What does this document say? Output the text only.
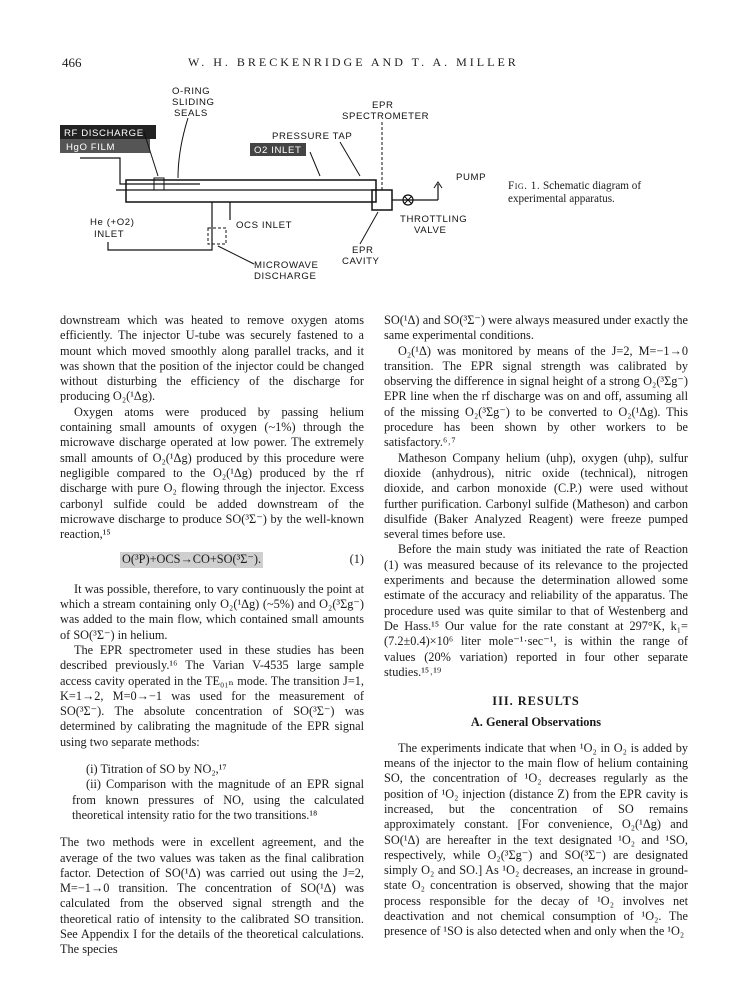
466	W. H. BRECKENRIDGE AND T. A. MILLER
O-RING
SLIDING
SEALS
EPR
SPECTROMETER
RF DISCHARGE
HgO FILM
PRESSURE TAP
O2 INLET
PUMP
THROTTLING
VALVE
He (+O2)
INLET
OCS INLET
MICROWAVE
DISCHARGE
EPR
CAVITY
Fig. 1. Schematic diagram of experimental apparatus.

downstream which was heated to remove oxygen atoms efficiently. The injector U-tube was securely fastened to a mount which moved smoothly along parallel tracks, and it was shown that the position of the injector could be changed without disturbing the efficiency of the discharge for producing O₂(¹Δg).

Oxygen atoms were produced by passing helium containing small amounts of oxygen (~1%) through the microwave discharge operated at low power. The extremely small amounts of O₂(¹Δg) produced by this procedure were negligible compared to the O₂(¹Δg) produced by the rf discharge with pure O₂ flowing through the injector. Excess carbonyl sulfide could be added downstream of the microwave discharge to produce SO(³Σ⁻) by the well-known reaction,¹⁵

O(³P)+OCS→CO+SO(³Σ⁻).	(1)

It was possible, therefore, to vary continuously the point at which a stream containing only O₂(¹Δg) (~5%) and O₂(³Σg⁻) was added to the main flow, which contained small amounts of SO(³Σ⁻) in helium.

The EPR spectrometer used in these studies has been described previously.¹⁶ The Varian V-4535 large sample access cavity operated in the TE₀₁ₙ mode. The transition J=1, K=1→2, M=0→−1 was used for the measurement of SO(³Σ⁻). The absolute concentration of SO(³Σ⁻) was determined by calibrating the magnitude of the EPR signal using two separate methods:

(i) Titration of SO by NO₂,¹⁷

(ii) Comparison with the magnitude of an EPR signal from known pressures of NO, using the calculated theoretical intensity ratio for the two transitions.¹⁸

The two methods were in excellent agreement, and the average of the two values was taken as the final calibration factor. Detection of SO(¹Δ) was carried out using the J=2, M=−1→0 transition. The concentration of SO(¹Δ) was calculated from the observed signal strength and the theoretical ratio of intensity to the calibrated SO transition. See Appendix I for the details of the theoretical calculations. The species

SO(¹Δ) and SO(³Σ⁻) were always measured under exactly the same experimental conditions.

O₂(¹Δ) was monitored by means of the J=2, M=−1→0 transition. The EPR signal strength was calibrated by observing the difference in signal height of a strong O₂(³Σg⁻) EPR line when the rf discharge was on and off, assuming all of the missing O₂(³Σg⁻) to be converted to O₂(¹Δg). This procedure has been shown by other workers to be satisfactory.⁶˒⁷

Matheson Company helium (uhp), oxygen (uhp), sulfur dioxide (anhydrous), nitric oxide (technical), nitrogen dioxide, and carbon monoxide (C.P.) were used without further purification. Carbonyl sulfide (Matheson) and carbon disulfide (Baker Analyzed Reagent) were freeze pumped several times before use.

Before the main study was initiated the rate of Reaction (1) was measured because of its relevance to the projected experiments and because the determination allowed some estimate of the accuracy and reliability of the apparatus. The procedure used was quite similar to that of Westenberg and De Hass.¹⁵ Our value for the rate constant at 297°K, k₁=(7.2±0.4)×10⁶ liter mole⁻¹·sec⁻¹, is within the range of values (20% variation) reported in four other separate studies.¹⁵˒¹⁹

III. RESULTS
A. General Observations

The experiments indicate that when ¹O₂ in O₂ is added by means of the injector to the main flow of helium containing SO, the concentration of ¹O₂ decreases regularly as the position of ¹O₂ injection (distance Z) from the EPR cavity is increased, but the concentration of SO remains approximately constant. [For convenience, O₂(¹Δg) and SO(¹Δ) are hereafter in the text designated ¹O₂ and ¹SO, respectively, while O₂(³Σg⁻) and SO(³Σ⁻) are designated simply O₂ and SO.] As ¹O₂ decreases, an increase in ground-state O₂ concentration is observed, showing that the major process responsible for the decay of ¹O₂ involves net deactivation and not chemical consumption of ¹O₂. The presence of ¹SO is also detected when and only when the ¹O₂
